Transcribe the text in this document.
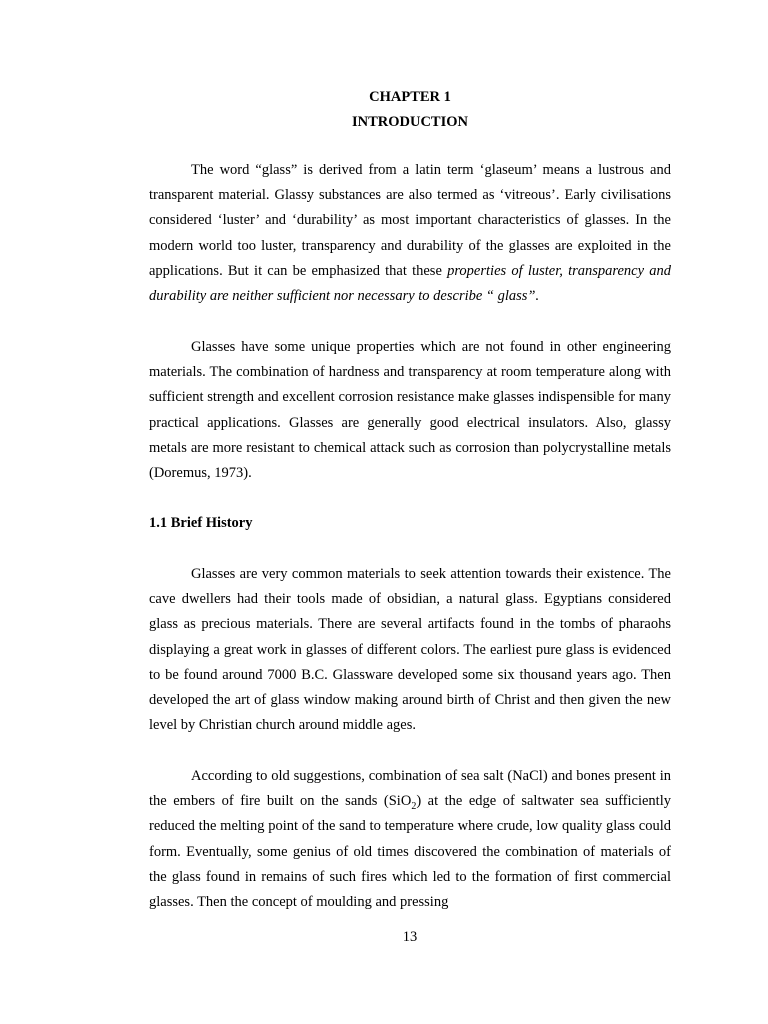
CHAPTER 1

INTRODUCTION

The word “glass” is derived from a latin term ‘glaseum’ means a lustrous and transparent material. Glassy substances are also termed as ‘vitreous’. Early civilisations considered ‘luster’ and ‘durability’ as most important characteristics of glasses. In the modern world too luster, transparency and durability of the glasses are exploited in the applications. But it can be emphasized that these properties of luster, transparency and durability are neither sufficient nor necessary to describe “ glass”.

Glasses have some unique properties which are not found in other engineering materials. The combination of hardness and transparency at room temperature along with sufficient strength and excellent corrosion resistance make glasses indispensible for many practical applications. Glasses are generally good electrical insulators. Also, glassy metals are more resistant to chemical attack such as corrosion than polycrystalline metals (Doremus, 1973).

1.1 Brief History

Glasses are very common materials to seek attention towards their existence. The cave dwellers had their tools made of obsidian, a natural glass. Egyptians considered glass as precious materials. There are several artifacts found in the tombs of pharaohs displaying a great work in glasses of different colors. The earliest pure glass is evidenced to be found around 7000 B.C. Glassware developed some six thousand years ago. Then developed the art of glass window making around birth of Christ and then given the new level by Christian church around middle ages.

According to old suggestions, combination of sea salt (NaCl) and bones present in the embers of fire built on the sands (SiO$_2$) at the edge of saltwater sea sufficiently reduced the melting point of the sand to temperature where crude, low quality glass could form. Eventually, some genius of old times discovered the combination of materials of the glass found in remains of such fires which led to the formation of first commercial glasses. Then the concept of moulding and pressing

13
